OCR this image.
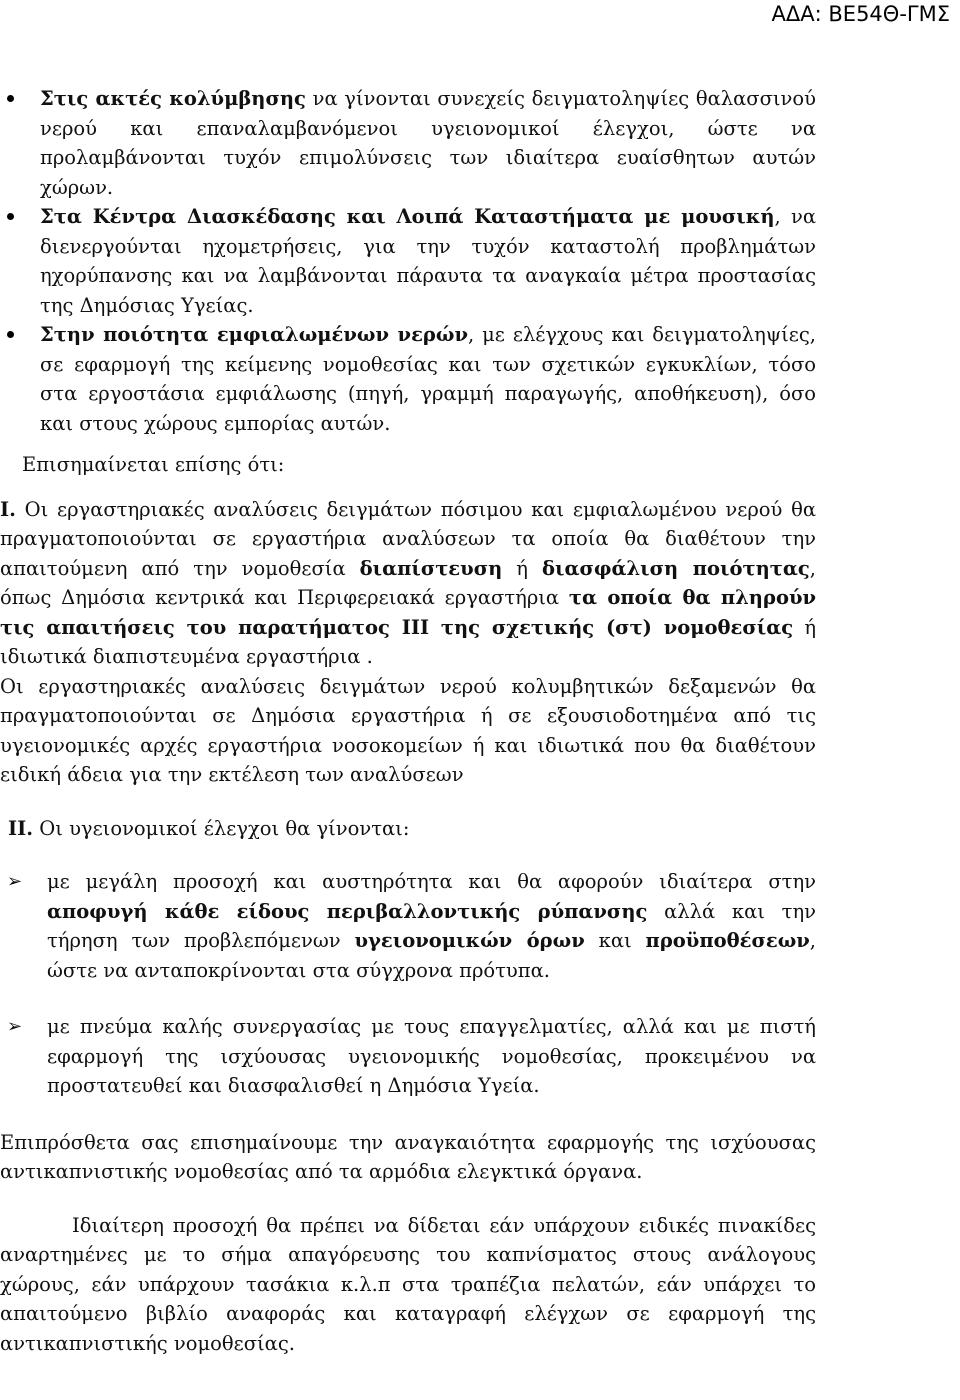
ΑΔΑ: ΒΕ54Θ-ΓΜΣ
Στις ακτές κολύμβησης να γίνονται συνεχείς δειγματοληψίες θαλασσινού νερού και επαναλαμβανόμενοι υγειονομικοί έλεγχοι, ώστε να προλαμβάνονται τυχόν επιμολύνσεις των ιδιαίτερα ευαίσθητων αυτών χώρων.
Στα Κέντρα Διασκέδασης και Λοιπά Καταστήματα με μουσική, να διενεργούνται ηχομετρήσεις, για την τυχόν καταστολή προβλημάτων ηχορύπανσης και να λαμβάνονται πάραυτα τα αναγκαία μέτρα προστασίας της Δημόσιας Υγείας.
Στην ποιότητα εμφιαλωμένων νερών, με ελέγχους και δειγματοληψίες, σε εφαρμογή της κείμενης νομοθεσίας και των σχετικών εγκυκλίων, τόσο στα εργοστάσια εμφιάλωσης (πηγή, γραμμή παραγωγής, αποθήκευση), όσο και στους χώρους εμπορίας αυτών.

Επισημαίνεται επίσης ότι:

Ι. Οι εργαστηριακές αναλύσεις δειγμάτων πόσιμου και εμφιαλωμένου νερού θα πραγματοποιούνται σε εργαστήρια αναλύσεων τα οποία θα διαθέτουν την απαιτούμενη από την νομοθεσία διαπίστευση ή διασφάλιση ποιότητας, όπως Δημόσια κεντρικά και Περιφερειακά εργαστήρια τα οποία θα πληρούν τις απαιτήσεις του παρατήματος ΙΙΙ της σχετικής (στ) νομοθεσίας ή ιδιωτικά διαπιστευμένα εργαστήρια .

Οι εργαστηριακές αναλύσεις δειγμάτων νερού κολυμβητικών δεξαμενών θα πραγματοποιούνται σε Δημόσια εργαστήρια ή σε εξουσιοδοτημένα από τις υγειονομικές αρχές εργαστήρια νοσοκομείων ή και ιδιωτικά που θα διαθέτουν ειδική άδεια για την εκτέλεση των αναλύσεων

ΙΙ. Οι υγειονομικοί έλεγχοι θα γίνονται:

➢ με μεγάλη προσοχή και αυστηρότητα και θα αφορούν ιδιαίτερα στην αποφυγή κάθε είδους περιβαλλοντικής ρύπανσης αλλά και την τήρηση των προβλεπόμενων υγειονομικών όρων και προϋποθέσεων, ώστε να ανταποκρίνονται στα σύγχρονα πρότυπα.
➢ με πνεύμα καλής συνεργασίας με τους επαγγελματίες, αλλά και με πιστή εφαρμογή της ισχύουσας υγειονομικής νομοθεσίας, προκειμένου να προστατευθεί και διασφαλισθεί η Δημόσια Υγεία.

Επιπρόσθετα σας επισημαίνουμε την αναγκαιότητα εφαρμογής της ισχύουσας αντικαπνιστικής νομοθεσίας από τα αρμόδια ελεγκτικά όργανα.

Ιδιαίτερη προσοχή θα πρέπει να δίδεται εάν υπάρχουν ειδικές πινακίδες αναρτημένες με το σήμα απαγόρευσης του καπνίσματος στους ανάλογους χώρους, εάν υπάρχουν τασάκια κ.λ.π στα τραπέζια πελατών, εάν υπάρχει το απαιτούμενο βιβλίο αναφοράς και καταγραφή ελέγχων σε εφαρμογή της αντικαπνιστικής νομοθεσίας.
